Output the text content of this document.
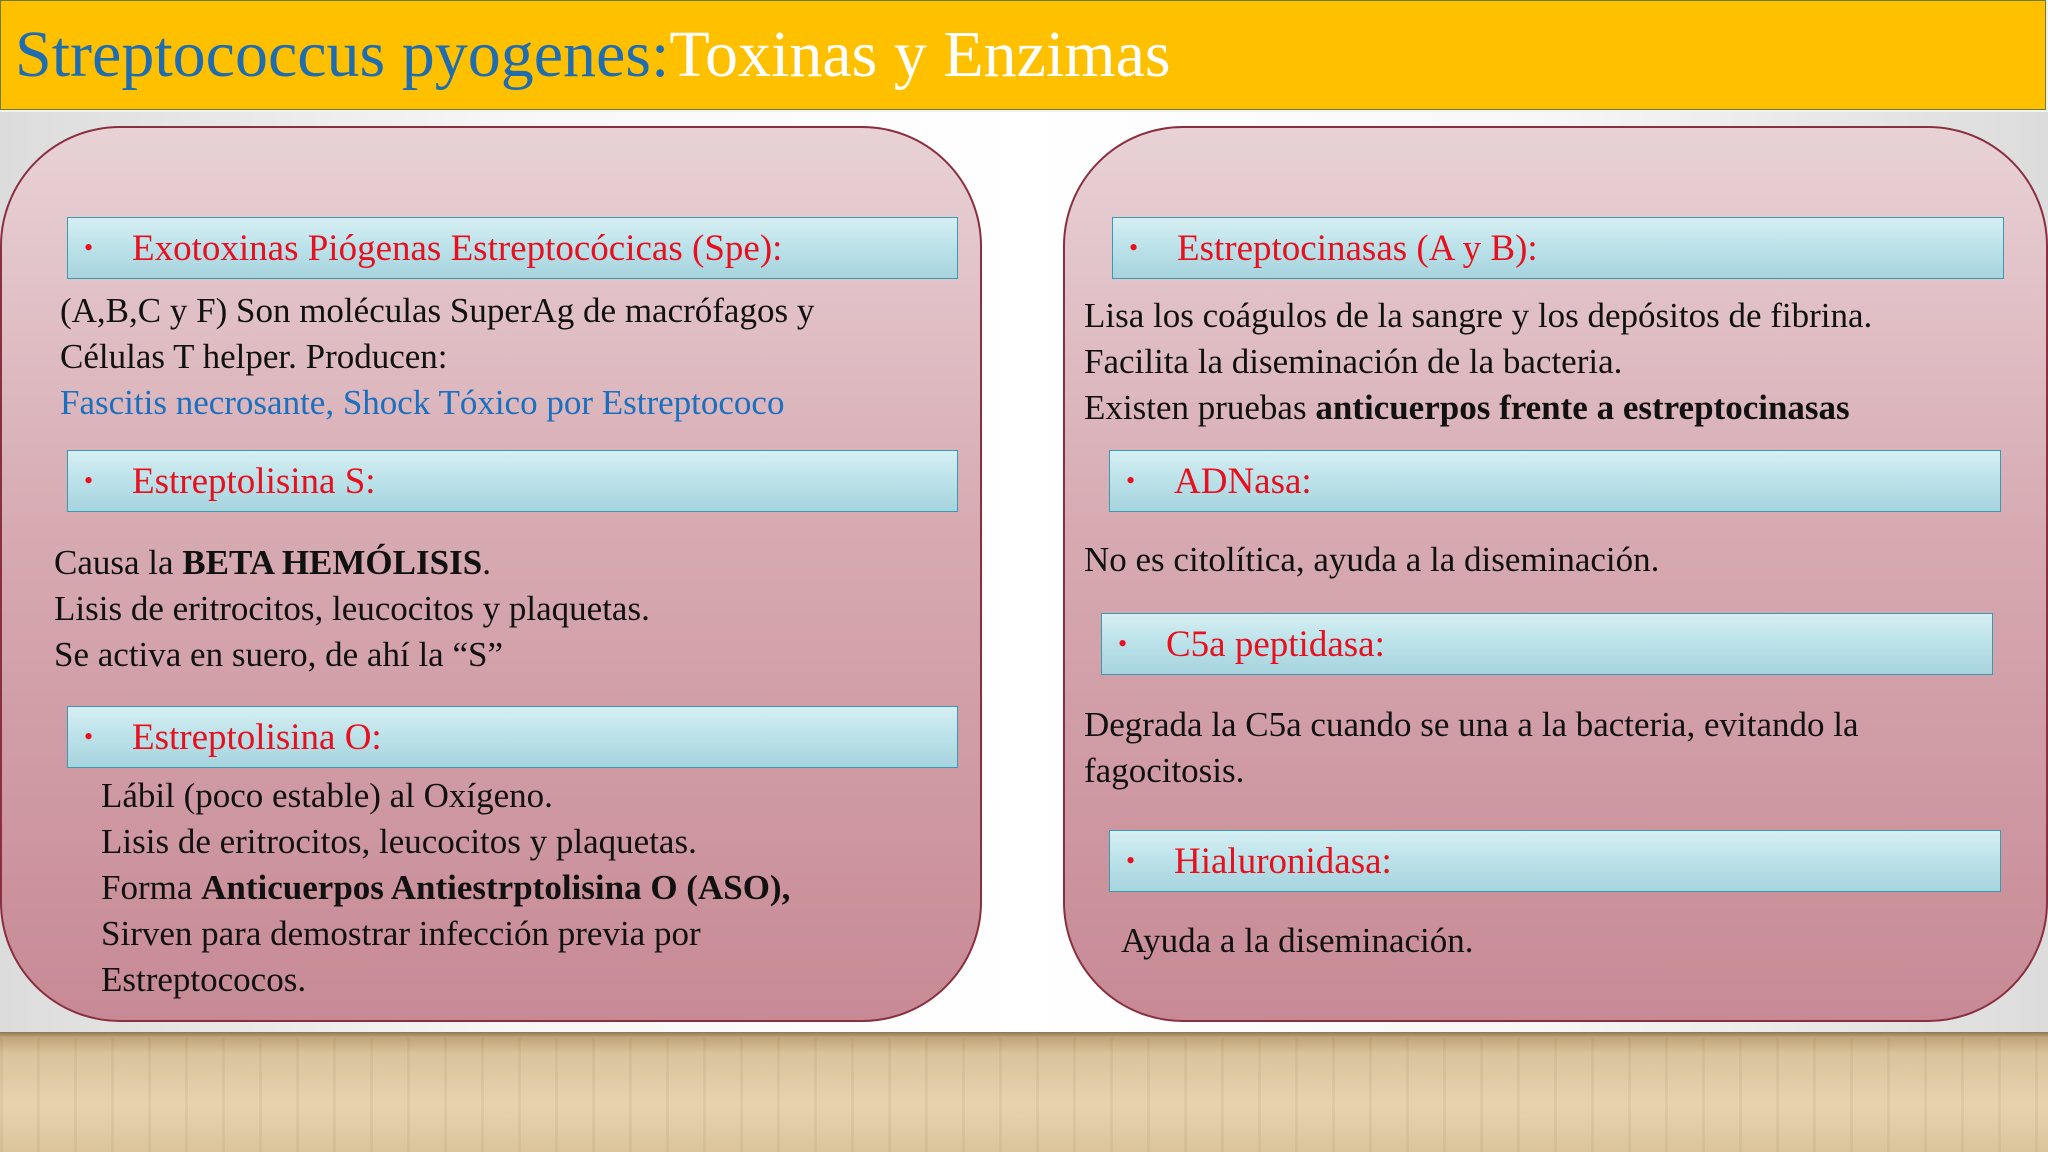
Streptococcus pyogenes: Toxinas y Enzimas
•	Exotoxinas Piógenas Estreptocócicas (Spe):
(A,B,C y F) Son moléculas SuperAg de macrófagos y
Células T helper. Producen:
Fascitis necrosante, Shock Tóxico por Estreptococo
•	Estreptolisina S:
Causa la BETA HEMÓLISIS.
Lisis de eritrocitos, leucocitos y plaquetas.
Se activa en suero, de ahí la “S”
•	Estreptolisina O:
Lábil (poco estable) al Oxígeno.
Lisis de eritrocitos, leucocitos y plaquetas.
Forma Anticuerpos Antiestrptolisina O (ASO),
Sirven para demostrar infección previa por
Estreptococos.
•	Estreptocinasas (A y B):
Lisa los coágulos de la sangre y los depósitos de fibrina.
Facilita la diseminación de la bacteria.
Existen pruebas anticuerpos frente a estreptocinasas
•	ADNasa:
No es citolítica, ayuda a la diseminación.
•	C5a peptidasa:
Degrada la C5a cuando se una a la bacteria, evitando la
fagocitosis.
•	Hialuronidasa:
Ayuda a la diseminación.
